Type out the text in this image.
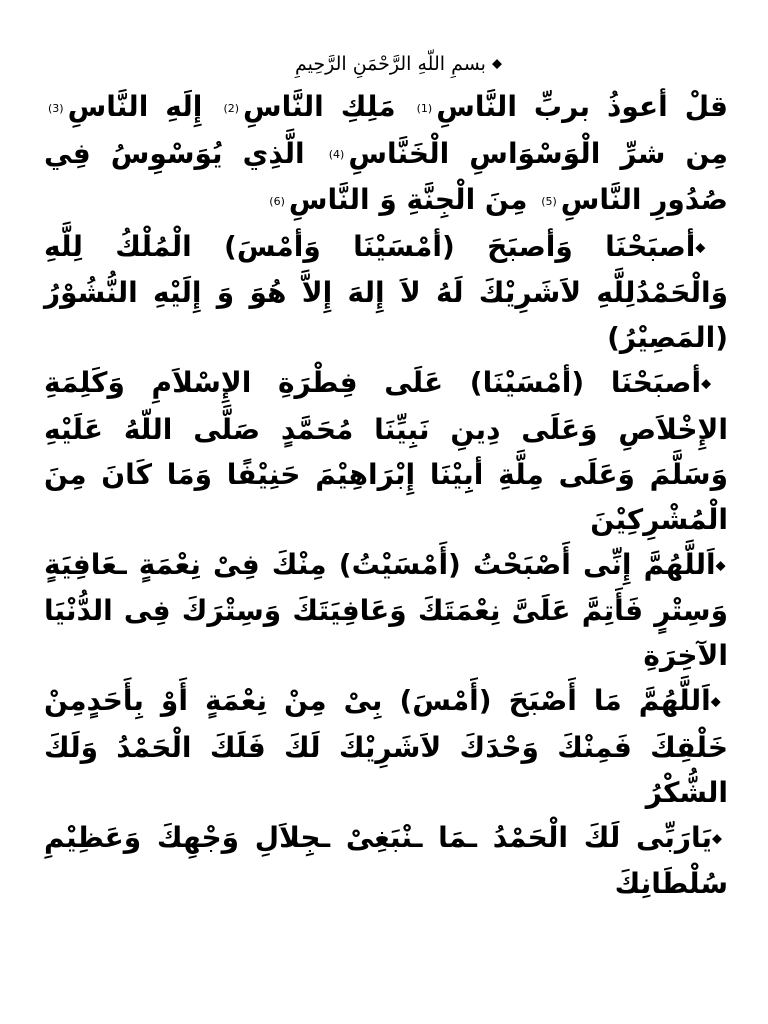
◆ بسمِ اللّهِ الرَّحْمَنِ الرَّحِيمِ

قلْ أعوذُ بربِّ النَّاسِ(1) مَلِكِ النَّاسِ(2) إِلَهِ النَّاسِ(3) مِن شرِّ الْوَسْوَاسِ الْخَنَّاسِ(4) الَّذِي يُوَسْوِسُ فِي صُدُورِ النَّاسِ(5) مِنَ الْجِنَّةِ وَ النَّاسِ(6)

◆أصبَحْنَا وَأصبَحَ (أمْسَيْنَا وَأمْسَ) الْمُلْكُ لِلَّهِ وَالْحَمْدُلِلَّهِ لاَشَرِيْكَ لَهُ لاَ إِلهَ إِلاَّ هُوَ وَ إِلَيْهِ النُّشُوْرُ (المَصِيْرُ)

◆أصبَحْنَا (أمْسَيْنَا) عَلَى فِطْرَةِ الإِسْلاَمِ وَكَلِمَةِ الإِخْلاَصِ وَعَلَى دِينِ نَبِيِّنَا مُحَمَّدٍ صَلَّى اللّهُ عَلَيْهِ وَسَلَّمَ وَعَلَى مِلَّةِ أبِيْنَا إِبْرَاهِيْمَ حَنِيْفًا وَمَا كَانَ مِنَ الْمُشْرِكِيْنَ

◆اَللَّهُمَّ إِنِّى أَصْبَحْتُ (أَمْسَيْتُ) مِنْكَ فِىْ نِعْمَةٍ ـعَافِيَةٍ وَسِتْرٍ فَأَتِمَّ عَلَىَّ نِعْمَتَكَ وَعَافِيَتَكَ وَسِتْرَكَ فِى الدُّنْيَا الآخِرَةِ

◆اَللَّهُمَّ مَا أَصْبَحَ (أَمْسَ) بِىْ مِنْ نِعْمَةٍ أَوْ بِأَحَدٍمِنْ خَلْقِكَ فَمِنْكَ وَحْدَكَ لاَشَرِيْكَ لَكَ فَلَكَ الْحَمْدُ وَلَكَ الشُّكْرُ

◆يَارَبِّى لَكَ الْحَمْدُ ـمَا ـنْبَغِىْ ـجِلاَلِ وَجْهِكَ وَعَظِيْمِ سُلْطَانِكَ
